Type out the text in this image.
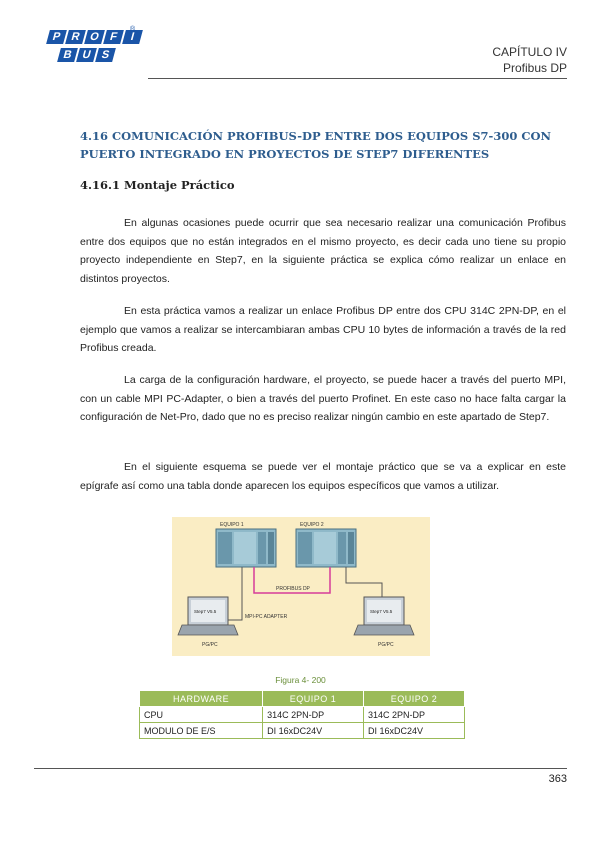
P R O F I
B U S
®
CAPÍTULO IV
Profibus DP
4.16 COMUNICACIÓN PROFIBUS-DP ENTRE DOS EQUIPOS S7-300 CON PUERTO INTEGRADO EN PROYECTOS DE STEP7 DIFERENTES
4.16.1 Montaje Práctico

En algunas ocasiones puede ocurrir que sea necesario realizar una comunicación Profibus entre dos equipos que no están integrados en el mismo proyecto, es decir cada uno tiene su propio proyecto independiente en Step7, en la siguiente práctica se explica cómo realizar un enlace en distintos proyectos.

En esta práctica vamos a realizar un enlace Profibus DP entre dos CPU 314C 2PN-DP, en el ejemplo que vamos a realizar se intercambiaran ambas CPU 10 bytes de información a través de la red Profibus creada.

La carga de la configuración hardware, el proyecto, se puede hacer a través del puerto MPI, con un cable MPI PC-Adapter, o bien a través del puerto Profinet. En este caso no hace falta cargar la configuración de Net-Pro, dado que no es preciso realizar ningún cambio en este apartado de Step7.

En el siguiente esquema se puede ver el montaje práctico que se va a explicar en este epígrafe así como una tabla donde aparecen los equipos específicos que vamos a utilizar.

EQUIPO 1	EQUIPO 2
PROFIBUS DP
MPI-PC ADAPTER
Step7 V5.5
PG/PC
Step7 V5.5
PG/PC
Figura 4- 200
HARDWARE	EQUIPO 1	EQUIPO 2
CPU	314C 2PN-DP	314C 2PN-DP
MODULO DE E/S	DI 16xDC24V	DI 16xDC24V
363
